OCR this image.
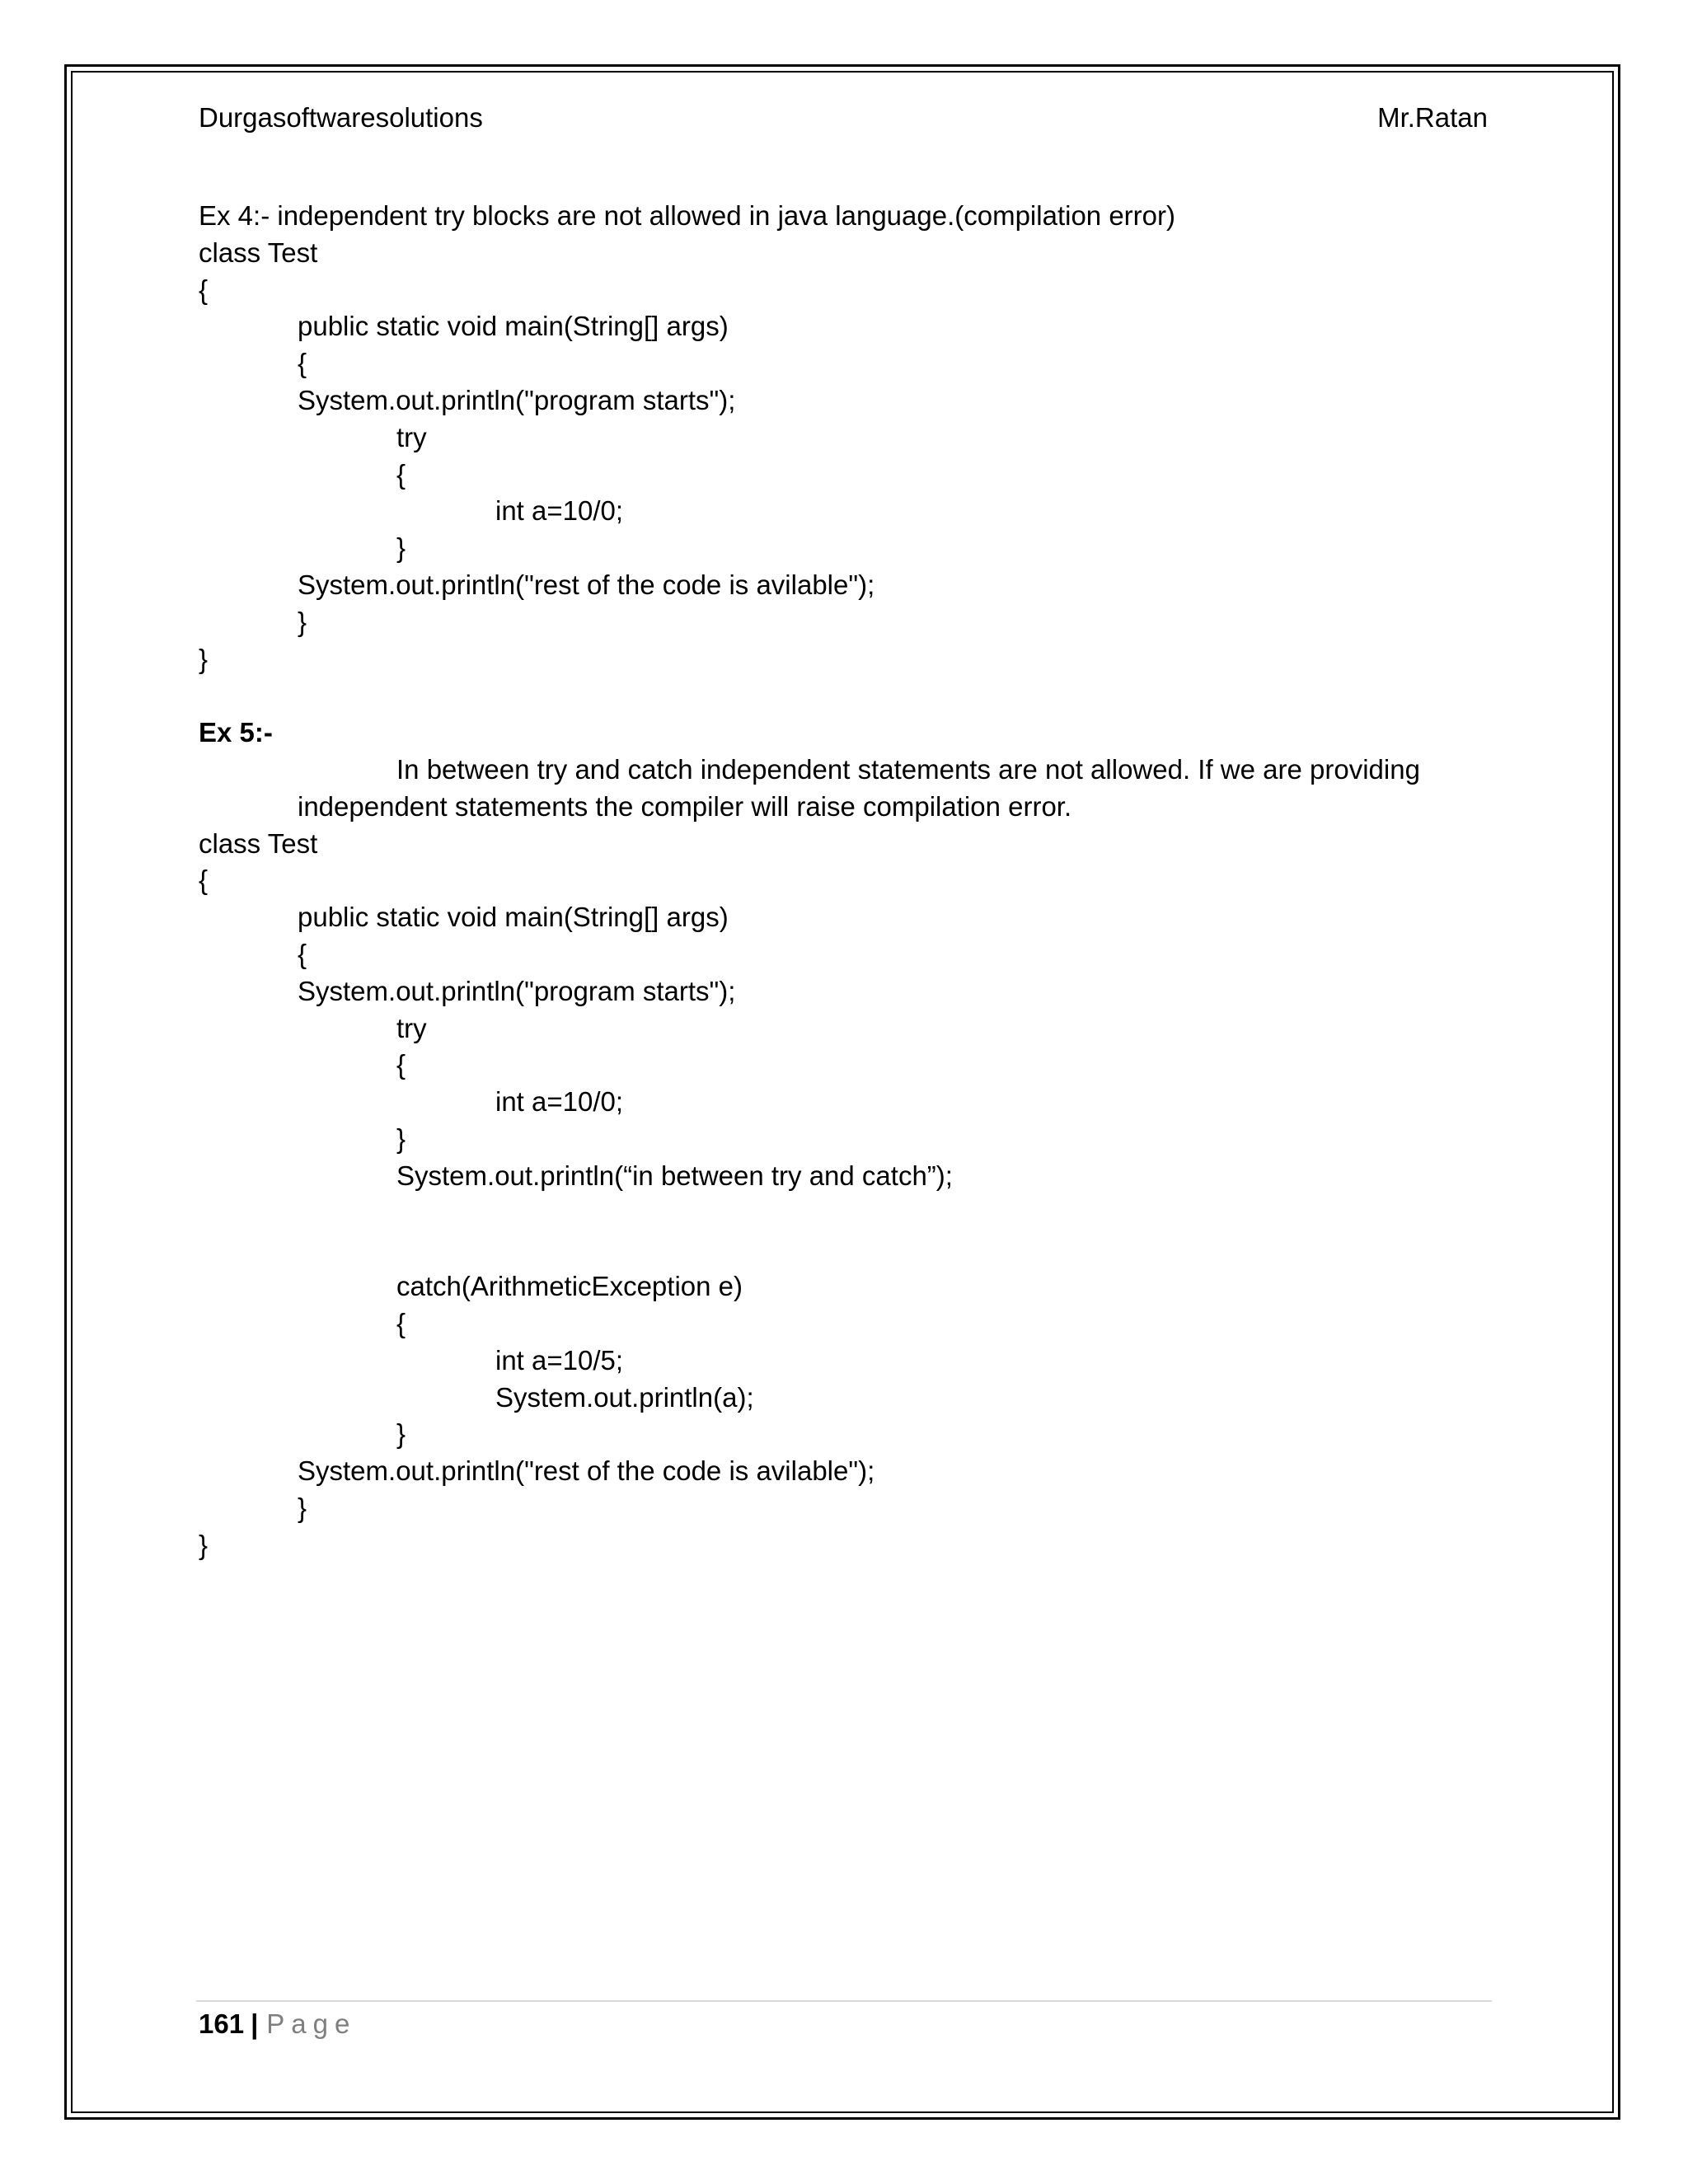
Durgasoftwaresolutions	Mr.Ratan
Ex 4:- independent try blocks are not allowed in java language.(compilation error)
class Test
{
public static void main(String[] args)
{
System.out.println("program starts");
try
{
int a=10/0;
}
System.out.println("rest of the code is avilable");
}
}
Ex 5:-
In between try and catch independent statements are not allowed. If we are providing
independent statements the compiler will raise compilation error.
class Test
{
public static void main(String[] args)
{
System.out.println("program starts");
try
{
int a=10/0;
}
System.out.println(“in between try and catch”);
catch(ArithmeticException e)
{
int a=10/5;
System.out.println(a);
}
System.out.println("rest of the code is avilable");
}
}
161 | Page
